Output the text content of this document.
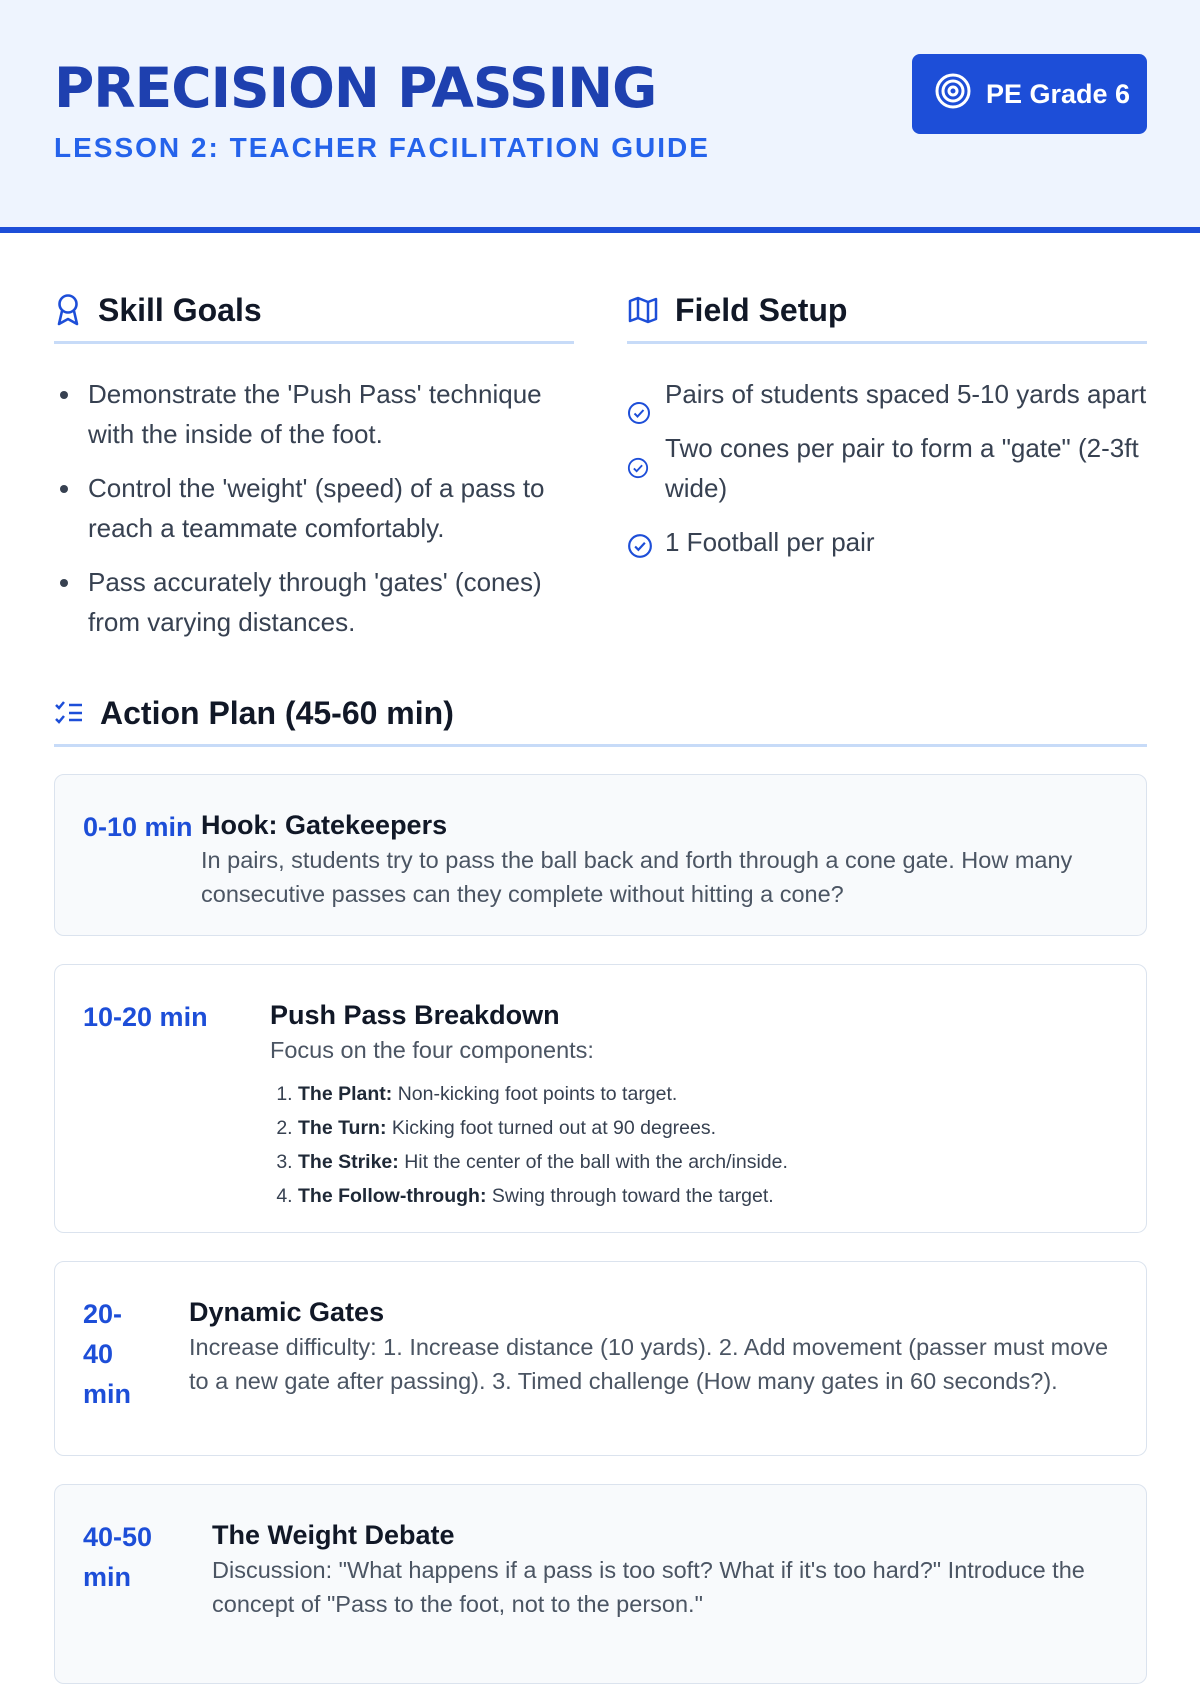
PRECISION PASSING
LESSON 2: TEACHER FACILITATION GUIDE
PE Grade 6
Skill Goals	Field Setup
Demonstrate the 'Push Pass' technique with the inside of the foot.
Control the 'weight' (speed) of a pass to reach a teammate comfortably.
Pass accurately through 'gates' (cones) from varying distances.
Pairs of students spaced 5-10 yards apart
Two cones per pair to form a "gate" (2-3ft wide)
1 Football per pair
Action Plan (45-60 min)
0-10 min Hook: Gatekeepers
In pairs, students try to pass the ball back and forth through a cone gate. How many consecutive passes can they complete without hitting a cone?
10-20 min	Push Pass Breakdown
Focus on the four components:
1. The Plant: Non-kicking foot points to target.
2. The Turn: Kicking foot turned out at 90 degrees.
3. The Strike: Hit the center of the ball with the arch/inside.
4. The Follow-through: Swing through toward the target.
20-40 min
Dynamic Gates
Increase difficulty: 1. Increase distance (10 yards). 2. Add movement (passer must move to a new gate after passing). 3. Timed challenge (How many gates in 60 seconds?).
40-50 min
The Weight Debate
Discussion: "What happens if a pass is too soft? What if it's too hard?" Introduce the concept of "Pass to the foot, not to the person."
